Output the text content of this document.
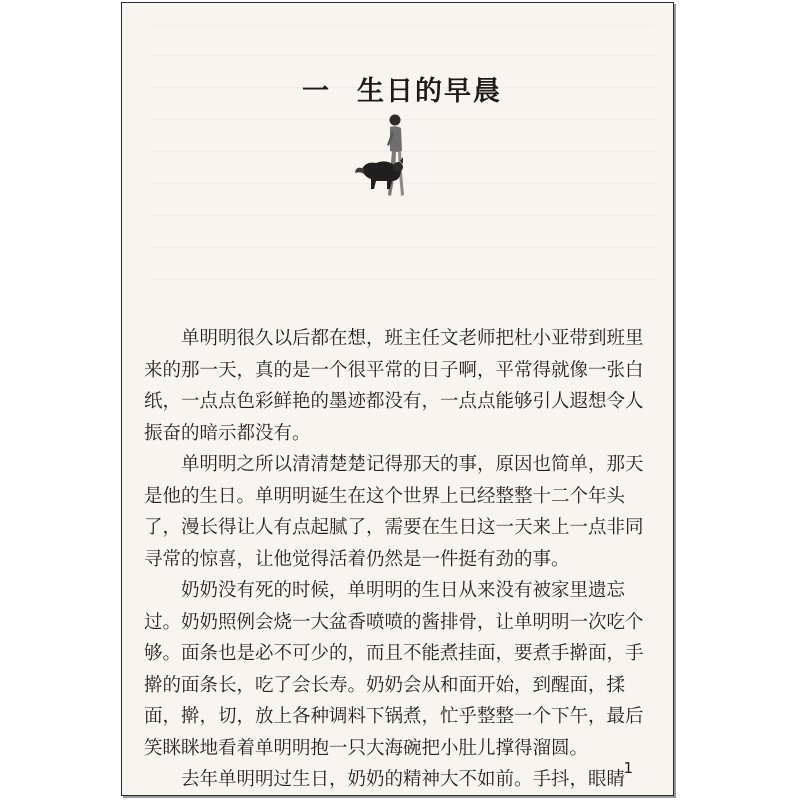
一 生日的早晨

单明明很久以后都在想，班主任文老师把杜小亚带到班里来的那一天，真的是一个很平常的日子啊，平常得就像一张白纸，一点点色彩鲜艳的墨迹都没有，一点点能够引人遐想令人振奋的暗示都没有。

单明明之所以清清楚楚记得那天的事，原因也简单，那天是他的生日。单明明诞生在这个世界上已经整整十二个年头了，漫长得让人有点起腻了，需要在生日这一天来上一点非同寻常的惊喜，让他觉得活着仍然是一件挺有劲的事。

奶奶没有死的时候，单明明的生日从来没有被家里遗忘过。奶奶照例会烧一大盆香喷喷的酱排骨，让单明明一次吃个够。面条也是必不可少的，而且不能煮挂面，要煮手擀面，手擀的面条长，吃了会长寿。奶奶会从和面开始，到醒面，揉面，擀，切，放上各种调料下锅煮，忙乎整整一个下午，最后笑眯眯地看着单明明抱一只大海碗把小肚儿撑得溜圆。

去年单明明过生日，奶奶的精神大不如前。手抖，眼睛

1
